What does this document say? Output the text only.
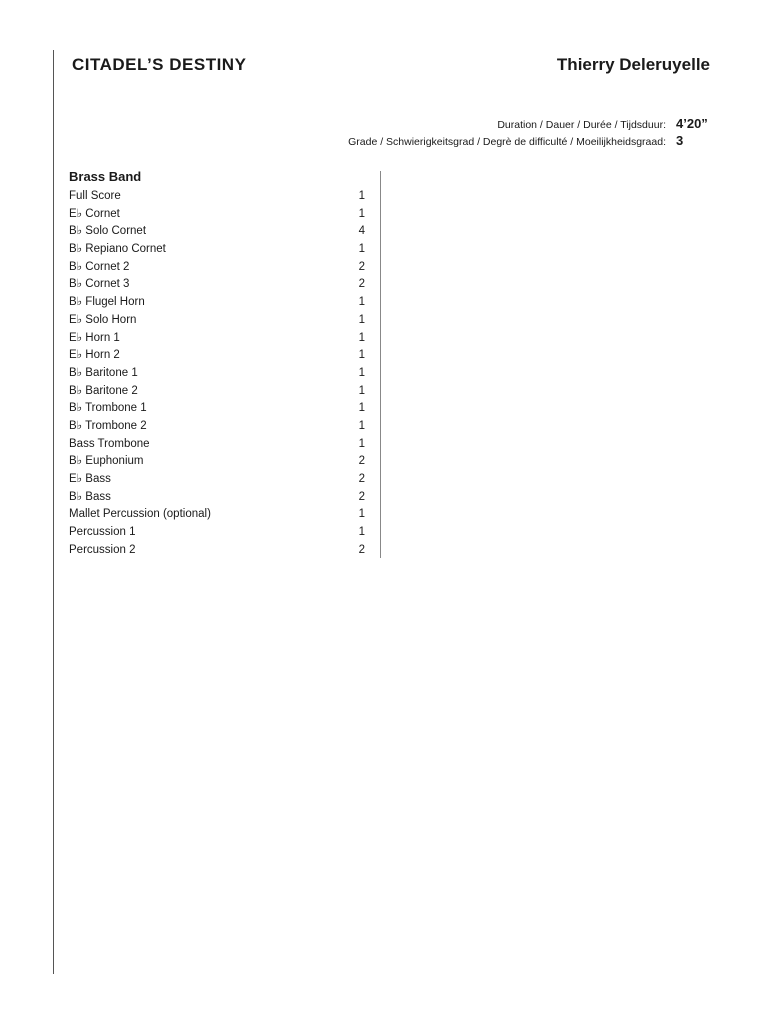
CITADEL’S DESTINY	Thierry Deleruyelle
Duration / Dauer / Durée / Tijdsduur: 4’20”
Grade / Schwierigkeitsgrad / Degrè de difficulté / Moeilijkheidsgraad: 3
Brass Band
Full Score	1
E♭ Cornet	1
B♭ Solo Cornet	4
B♭ Repiano Cornet	1
B♭ Cornet 2	2
B♭ Cornet 3	2
B♭ Flugel Horn	1
E♭ Solo Horn	1
E♭ Horn 1	1
E♭ Horn 2	1
B♭ Baritone 1	1
B♭ Baritone 2	1
B♭ Trombone 1	1
B♭ Trombone 2	1
Bass Trombone	1
B♭ Euphonium	2
E♭ Bass	2
B♭ Bass	2
Mallet Percussion (optional)	1
Percussion 1	1
Percussion 2	2
